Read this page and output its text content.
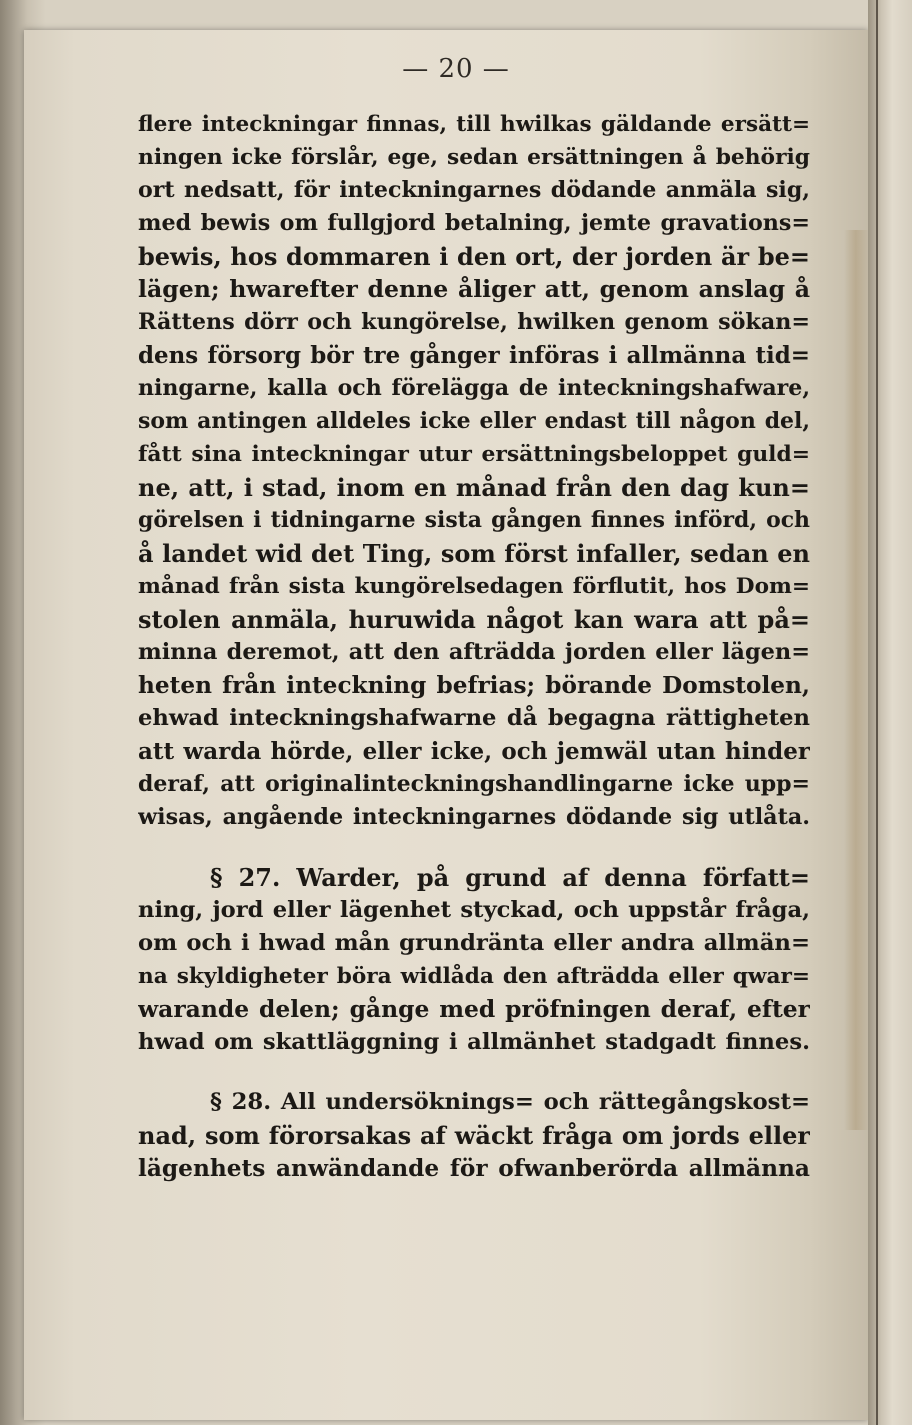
— 20 —
flere inteckningar finnas, till hwilkas gäldande ersätt=
ningen icke förslår, ege, sedan ersättningen å behörig
ort nedsatt, för inteckningarnes dödande anmäla sig,
med bewis om fullgjord betalning, jemte gravations=
bewis, hos dommaren i den ort, der jorden är be=
lägen; hwarefter denne åliger att, genom anslag å
Rättens dörr och kungörelse, hwilken genom sökan=
dens försorg bör tre gånger införas i allmänna tid=
ningarne, kalla och förelägga de inteckningshafware,
som antingen alldeles icke eller endast till någon del,
fått sina inteckningar utur ersättningsbeloppet guld=
ne, att, i stad, inom en månad från den dag kun=
görelsen i tidningarne sista gången finnes införd, och
å landet wid det Ting, som först infaller, sedan en
månad från sista kungörelsedagen förflutit, hos Dom=
stolen anmäla, huruwida något kan wara att på=
minna deremot, att den afträdda jorden eller lägen=
heten från inteckning befrias; börande Domstolen,
ehwad inteckningshafwarne då begagna rättigheten
att warda hörde, eller icke, och jemwäl utan hinder
deraf, att originalinteckningshandlingarne icke upp=
wisas, angående inteckningarnes dödande sig utlåta.
§ 27. Warder, på grund af denna författ=
ning, jord eller lägenhet styckad, och uppstår fråga,
om och i hwad mån grundränta eller andra allmän=
na skyldigheter böra widlåda den afträdda eller qwar=
warande delen; gånge med pröfningen deraf, efter
hwad om skattläggning i allmänhet stadgadt finnes.
§ 28. All undersöknings= och rättegångskost=
nad, som förorsakas af wäckt fråga om jords eller
lägenhets anwändande för ofwanberörda allmänna
